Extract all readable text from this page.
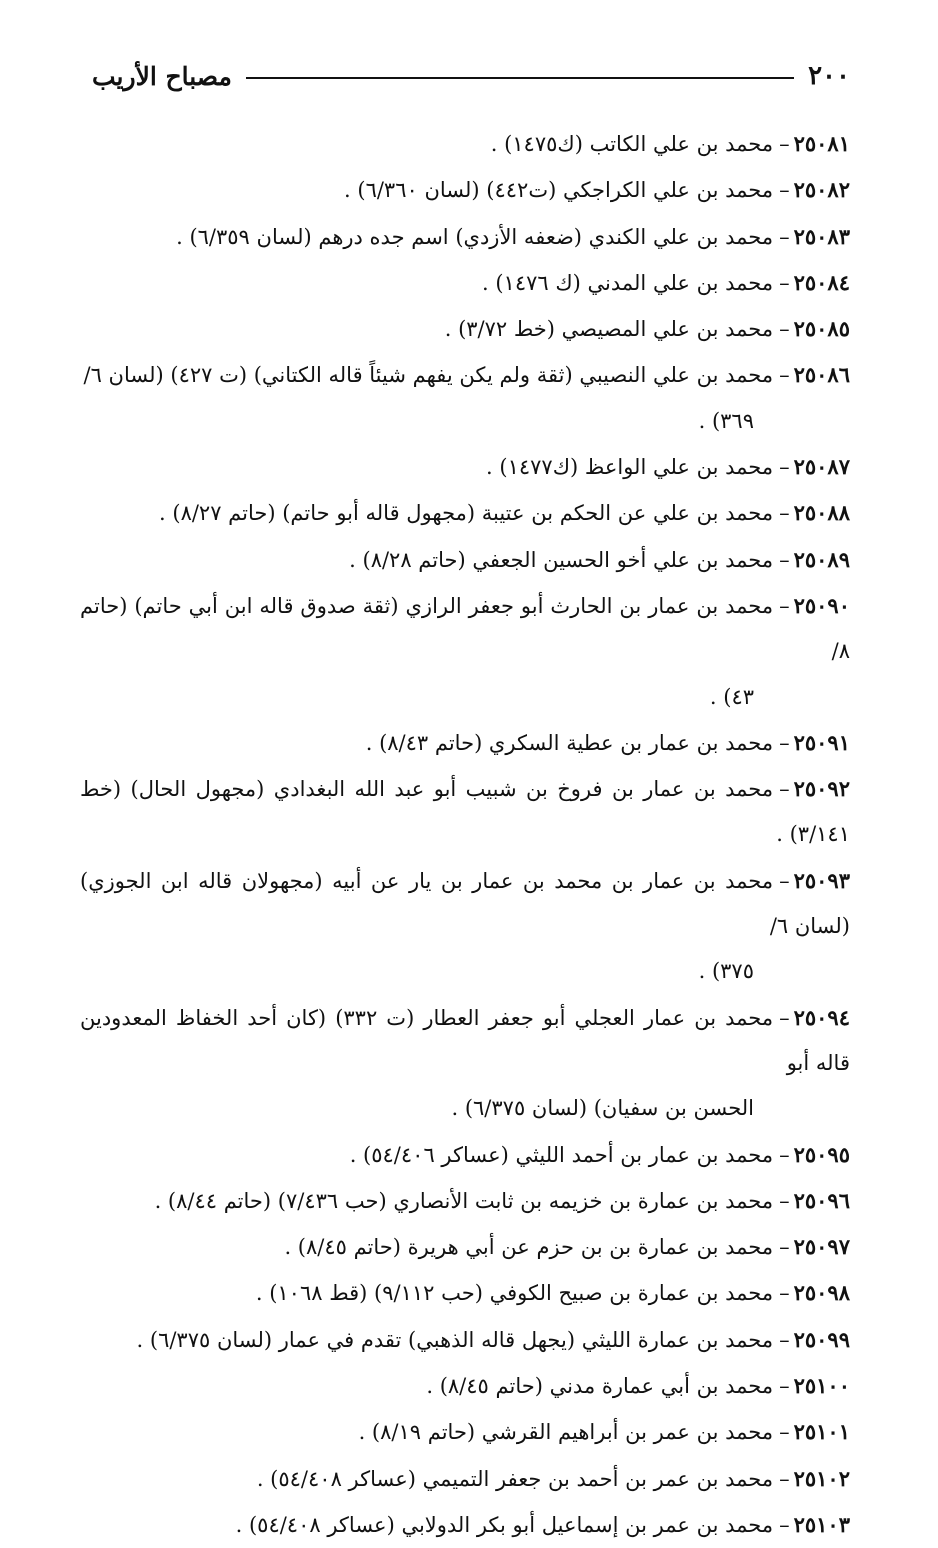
٢٠٠
مصباح الأريب
٢٥٠٨١–محمد بن علي الكاتب (ك١٤٧٥) .
٢٥٠٨٢–محمد بن علي الكراجكي (ت٤٤٢) (لسان ٦/٣٦٠) .
٢٥٠٨٣–محمد بن علي الكندي (ضعفه الأزدي) اسم جده درهم (لسان ٦/٣٥٩) .
٢٥٠٨٤–محمد بن علي المدني (ك ١٤٧٦) .
٢٥٠٨٥–محمد بن علي المصيصي (خط ٣/٧٢) .
٢٥٠٨٦–محمد بن علي النصيبي (ثقة ولم يكن يفهم شيئاً قاله الكتاني) (ت ٤٢٧) (لسان ٦/
٣٦٩) .
٢٥٠٨٧–محمد بن علي الواعظ (ك١٤٧٧) .
٢٥٠٨٨–محمد بن علي عن الحكم بن عتيبة (مجهول قاله أبو حاتم) (حاتم ٨/٢٧) .
٢٥٠٨٩–محمد بن علي أخو الحسين الجعفي (حاتم ٨/٢٨) .
٢٥٠٩٠–محمد بن عمار بن الحارث أبو جعفر الرازي (ثقة صدوق قاله ابن أبي حاتم) (حاتم ٨/
٤٣) .
٢٥٠٩١–محمد بن عمار بن عطية السكري (حاتم ٨/٤٣) .
٢٥٠٩٢–محمد بن عمار بن فروخ بن شبيب أبو عبد الله البغدادي (مجهول الحال) (خط ٣/١٤١) .
٢٥٠٩٣–محمد بن عمار بن محمد بن عمار بن يار عن أبيه (مجهولان قاله ابن الجوزي) (لسان ٦/
٣٧٥) .
٢٥٠٩٤–محمد بن عمار العجلي أبو جعفر العطار (ت ٣٣٢) (كان أحد الخفاظ المعدودين قاله أبو
الحسن بن سفيان) (لسان ٦/٣٧٥) .
٢٥٠٩٥–محمد بن عمار بن أحمد الليثي (عساكر ٥٤/٤٠٦) .
٢٥٠٩٦–محمد بن عمارة بن خزيمه بن ثابت الأنصاري (حب ٧/٤٣٦) (حاتم ٨/٤٤) .
٢٥٠٩٧–محمد بن عمارة بن بن حزم عن أبي هريرة (حاتم ٨/٤٥) .
٢٥٠٩٨–محمد بن عمارة بن صبيح الكوفي (حب ٩/١١٢) (قط ١٠٦٨) .
٢٥٠٩٩–محمد بن عمارة الليثي (يجهل قاله الذهبي) تقدم في عمار (لسان ٦/٣٧٥) .
٢٥١٠٠–محمد بن أبي عمارة مدني (حاتم ٨/٤٥) .
٢٥١٠١–محمد بن عمر بن أبراهيم القرشي (حاتم ٨/١٩) .
٢٥١٠٢–محمد بن عمر بن أحمد بن جعفر التميمي (عساكر ٥٤/٤٠٨) .
٢٥١٠٣–محمد بن عمر بن إسماعيل أبو بكر الدولابي (عساكر ٥٤/٤٠٨) .
